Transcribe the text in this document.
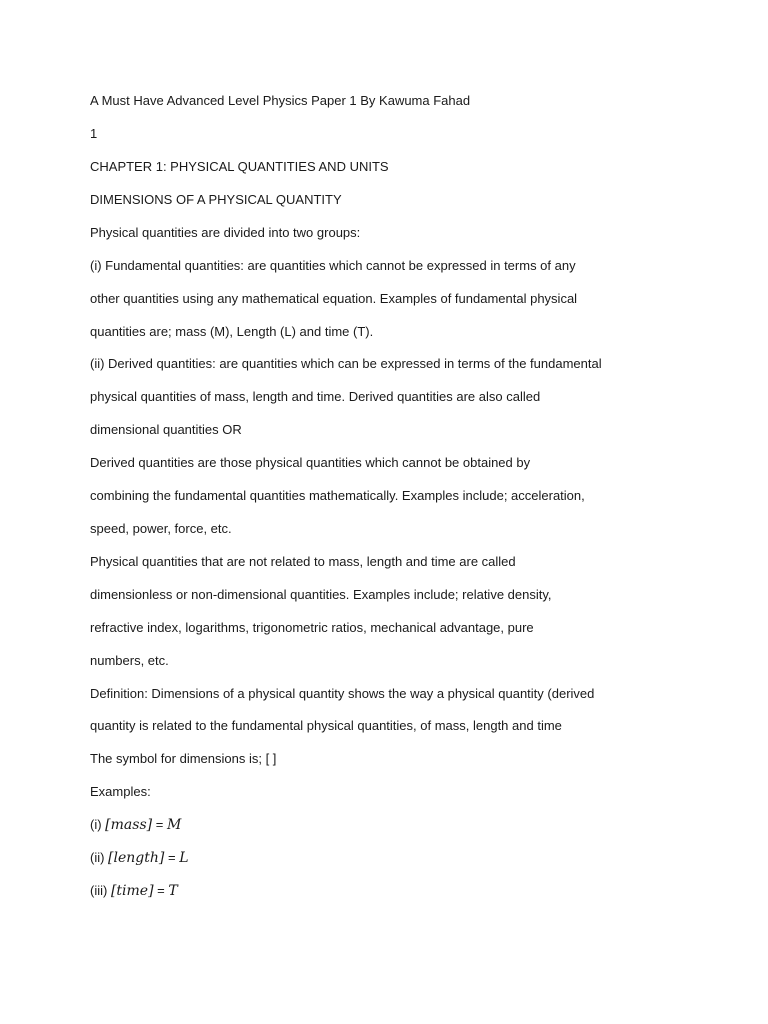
A Must Have Advanced Level Physics Paper 1 By Kawuma Fahad
1
CHAPTER 1: PHYSICAL QUANTITIES AND UNITS
DIMENSIONS OF A PHYSICAL QUANTITY
Physical quantities are divided into two groups:
(i) Fundamental quantities: are quantities which cannot be expressed in terms of any
other quantities using any mathematical equation. Examples of fundamental physical
quantities are; mass (M), Length (L) and time (T).
(ii) Derived quantities: are quantities which can be expressed in terms of the fundamental
physical quantities of mass, length and time. Derived quantities are also called
dimensional quantities OR
Derived quantities are those physical quantities which cannot be obtained by
combining the fundamental quantities mathematically. Examples include; acceleration,
speed, power, force, etc.
Physical quantities that are not related to mass, length and time are called
dimensionless or non-dimensional quantities. Examples include; relative density,
refractive index, logarithms, trigonometric ratios, mechanical advantage, pure
numbers, etc.
Definition: Dimensions of a physical quantity shows the way a physical quantity (derived
quantity is related to the fundamental physical quantities, of mass, length and time
The symbol for dimensions is; [ ]
Examples:
(i) [mass] = M
(ii) [length] = L
(iii) [time] = T
